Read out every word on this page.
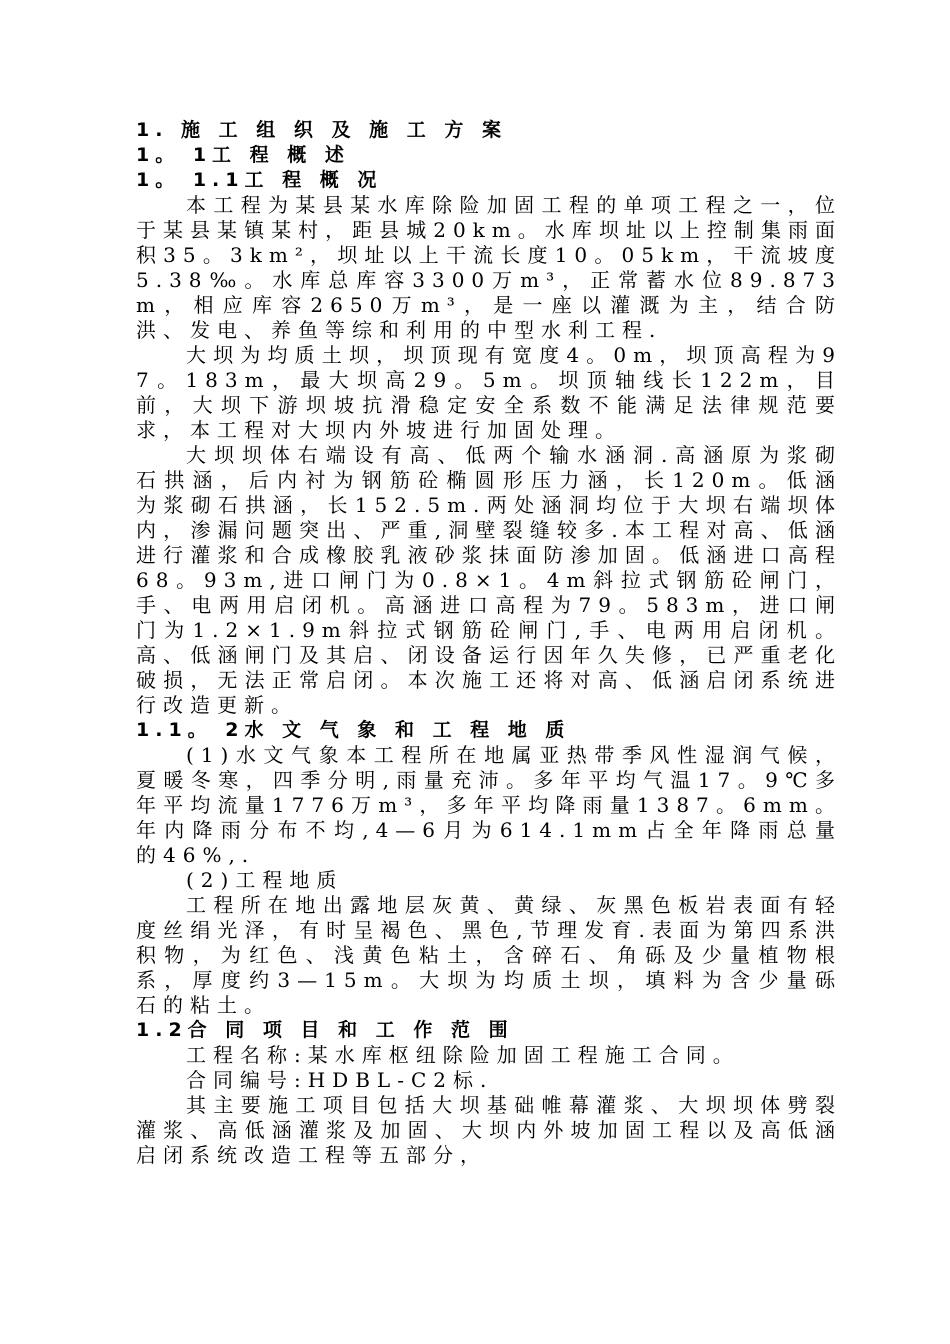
1. 施 工 组 织 及 施 工 方 案

1。 1工 程 概 述

1。 1.1工 程 概 况

本工程为某县某水库除险加固工程的单项工程之一，位于某县某镇某村，距县城20km。水库坝址以上控制集雨面积35。3km²，坝址以上干流长度10。05km，干流坡度5.38‰。水库总库容3300万m³，正常蓄水位89.873m，相应库容2650万m³，是一座以灌溉为主，结合防洪、发电、养鱼等综和利用的中型水利工程.

大坝为均质土坝，坝顶现有宽度4。0m，坝顶高程为97。183m，最大坝高29。5m。坝顶轴线长122m，目前，大坝下游坝坡抗滑稳定安全系数不能满足法律规范要求，本工程对大坝内外坡进行加固处理。

大坝坝体右端设有高、低两个输水涵洞.高涵原为浆砌石拱涵，后内衬为钢筋砼椭圆形压力涵，长120m。低涵为浆砌石拱涵，长152.5m.两处涵洞均位于大坝右端坝体内，渗漏问题突出、严重,洞壁裂缝较多.本工程对高、低涵进行灌浆和合成橡胶乳液砂浆抹面防渗加固。低涵进口高程68。93m,进口闸门为0.8×1。4m斜拉式钢筋砼闸门，手、电两用启闭机。高涵进口高程为79。583m，进口闸门为1.2×1.9m斜拉式钢筋砼闸门,手、电两用启闭机。高、低涵闸门及其启、闭设备运行因年久失修，已严重老化破损，无法正常启闭。本次施工还将对高、低涵启闭系统进行改造更新。

1.1。 2水 文 气 象 和 工 程 地 质

(1)水文气象本工程所在地属亚热带季风性湿润气候，夏暖冬寒，四季分明,雨量充沛。多年平均气温17。9℃多年平均流量1776万m³，多年平均降雨量1387。6mm。年内降雨分布不均,4—6月为614.1mm占全年降雨总量的46%,.

(2)工程地质

工程所在地出露地层灰黄、黄绿、灰黑色板岩表面有轻度丝绢光泽，有时呈褐色、黑色,节理发育.表面为第四系洪积物，为红色、浅黄色粘土，含碎石、角砾及少量植物根系，厚度约3—15m。大坝为均质土坝，填料为含少量砾石的粘土。

1.2合 同 项 目 和 工 作 范 围

工程名称:某水库枢纽除险加固工程施工合同。

合同编号:HDBL-C2标.

其主要施工项目包括大坝基础帷幕灌浆、大坝坝体劈裂灌浆、高低涵灌浆及加固、大坝内外坡加固工程以及高低涵启闭系统改造工程等五部分，
